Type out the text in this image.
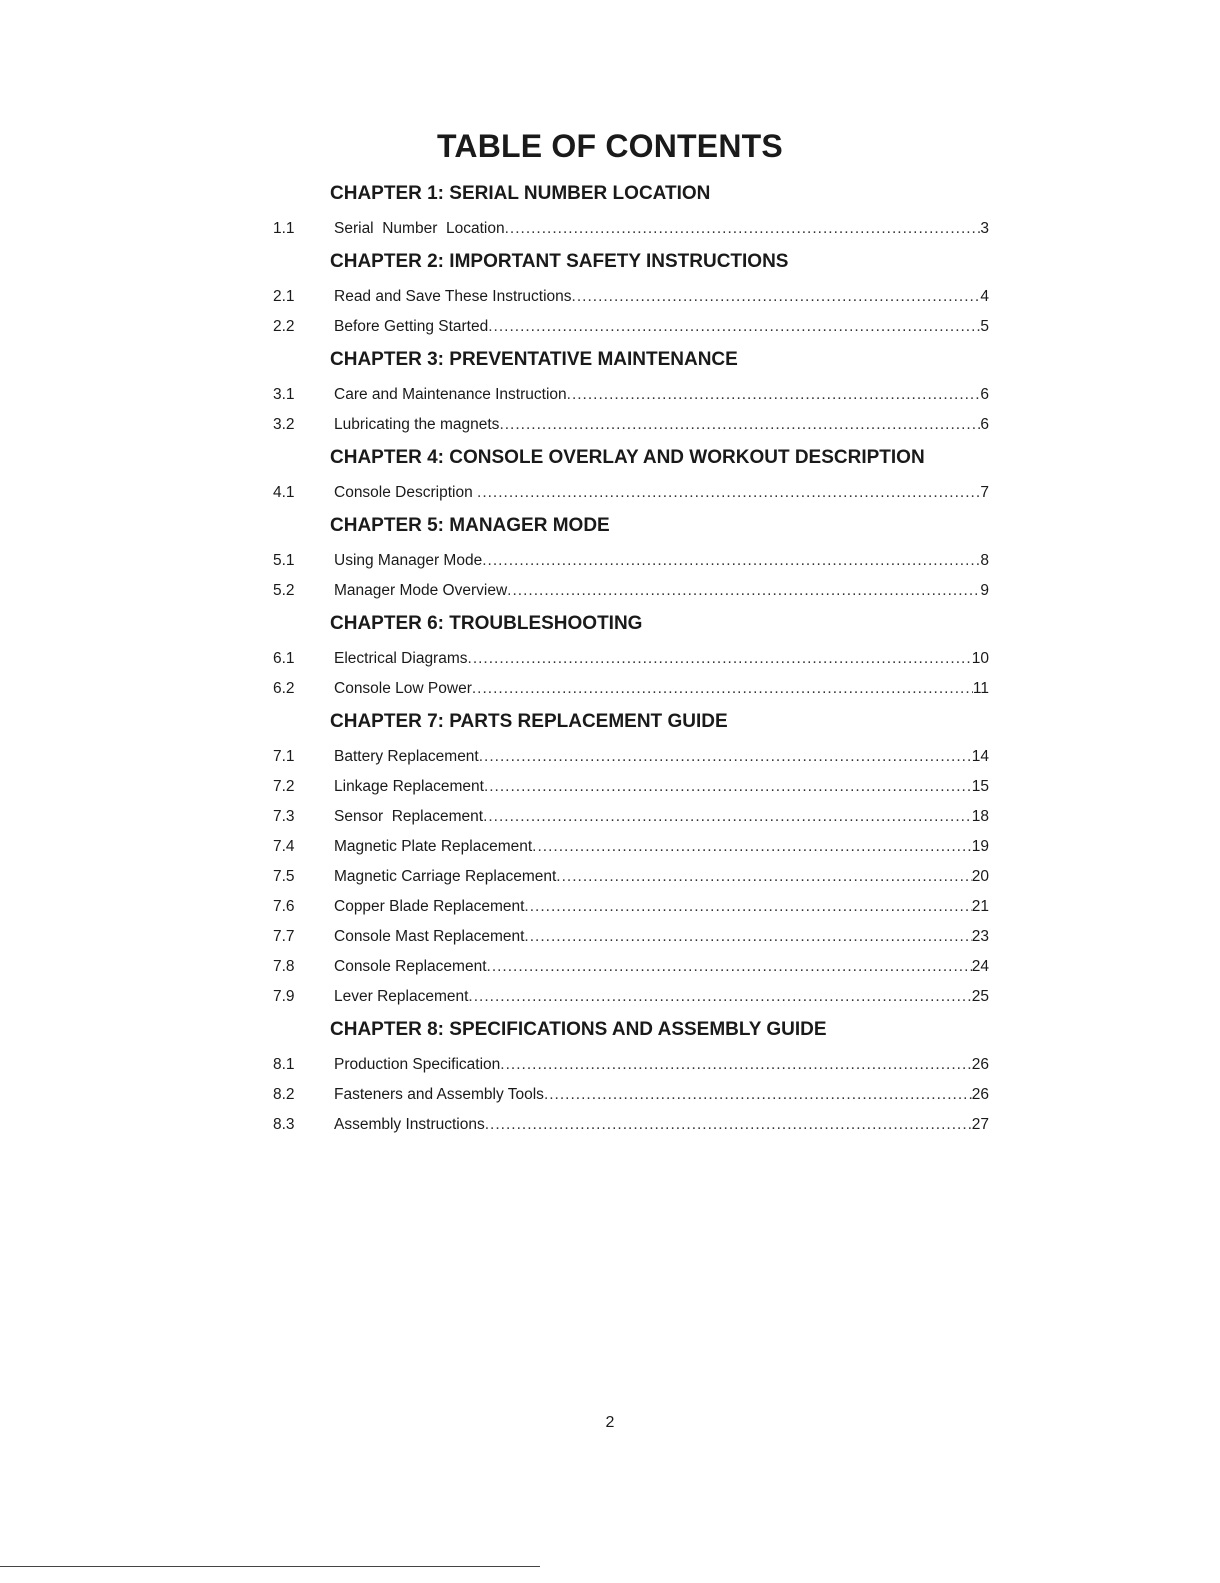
TABLE OF CONTENTS
CHAPTER 1: SERIAL NUMBER LOCATION
1.1	Serial  Number  Location .....	3
CHAPTER 2: IMPORTANT SAFETY INSTRUCTIONS
2.1	Read and Save These Instructions .....	4
2.2	Before Getting Started .....	5
CHAPTER 3: PREVENTATIVE MAINTENANCE
3.1	Care and Maintenance Instruction .....	6
3.2	Lubricating the magnets .....	6
CHAPTER 4: CONSOLE OVERLAY AND WORKOUT DESCRIPTION
4.1	Console Description .....	7
CHAPTER 5: MANAGER MODE
5.1	Using Manager Mode .....	8
5.2	Manager Mode Overview .....	9
CHAPTER 6: TROUBLESHOOTING
6.1	Electrical Diagrams .....	10
6.2	Console Low Power .....	11
CHAPTER 7: PARTS REPLACEMENT GUIDE
7.1	Battery Replacement .....	14
7.2	Linkage Replacement .....	15
7.3	Sensor  Replacement .....	18
7.4	Magnetic Plate Replacement .....	19
7.5	Magnetic Carriage Replacement .....	20
7.6	Copper Blade Replacement .....	21
7.7	Console Mast Replacement .....	23
7.8	Console Replacement .....	24
7.9	Lever Replacement .....	25
CHAPTER 8: SPECIFICATIONS AND ASSEMBLY GUIDE
8.1	Production Specification .....	26
8.2	Fasteners and Assembly Tools .....	26
8.3	Assembly Instructions .....	27
2
